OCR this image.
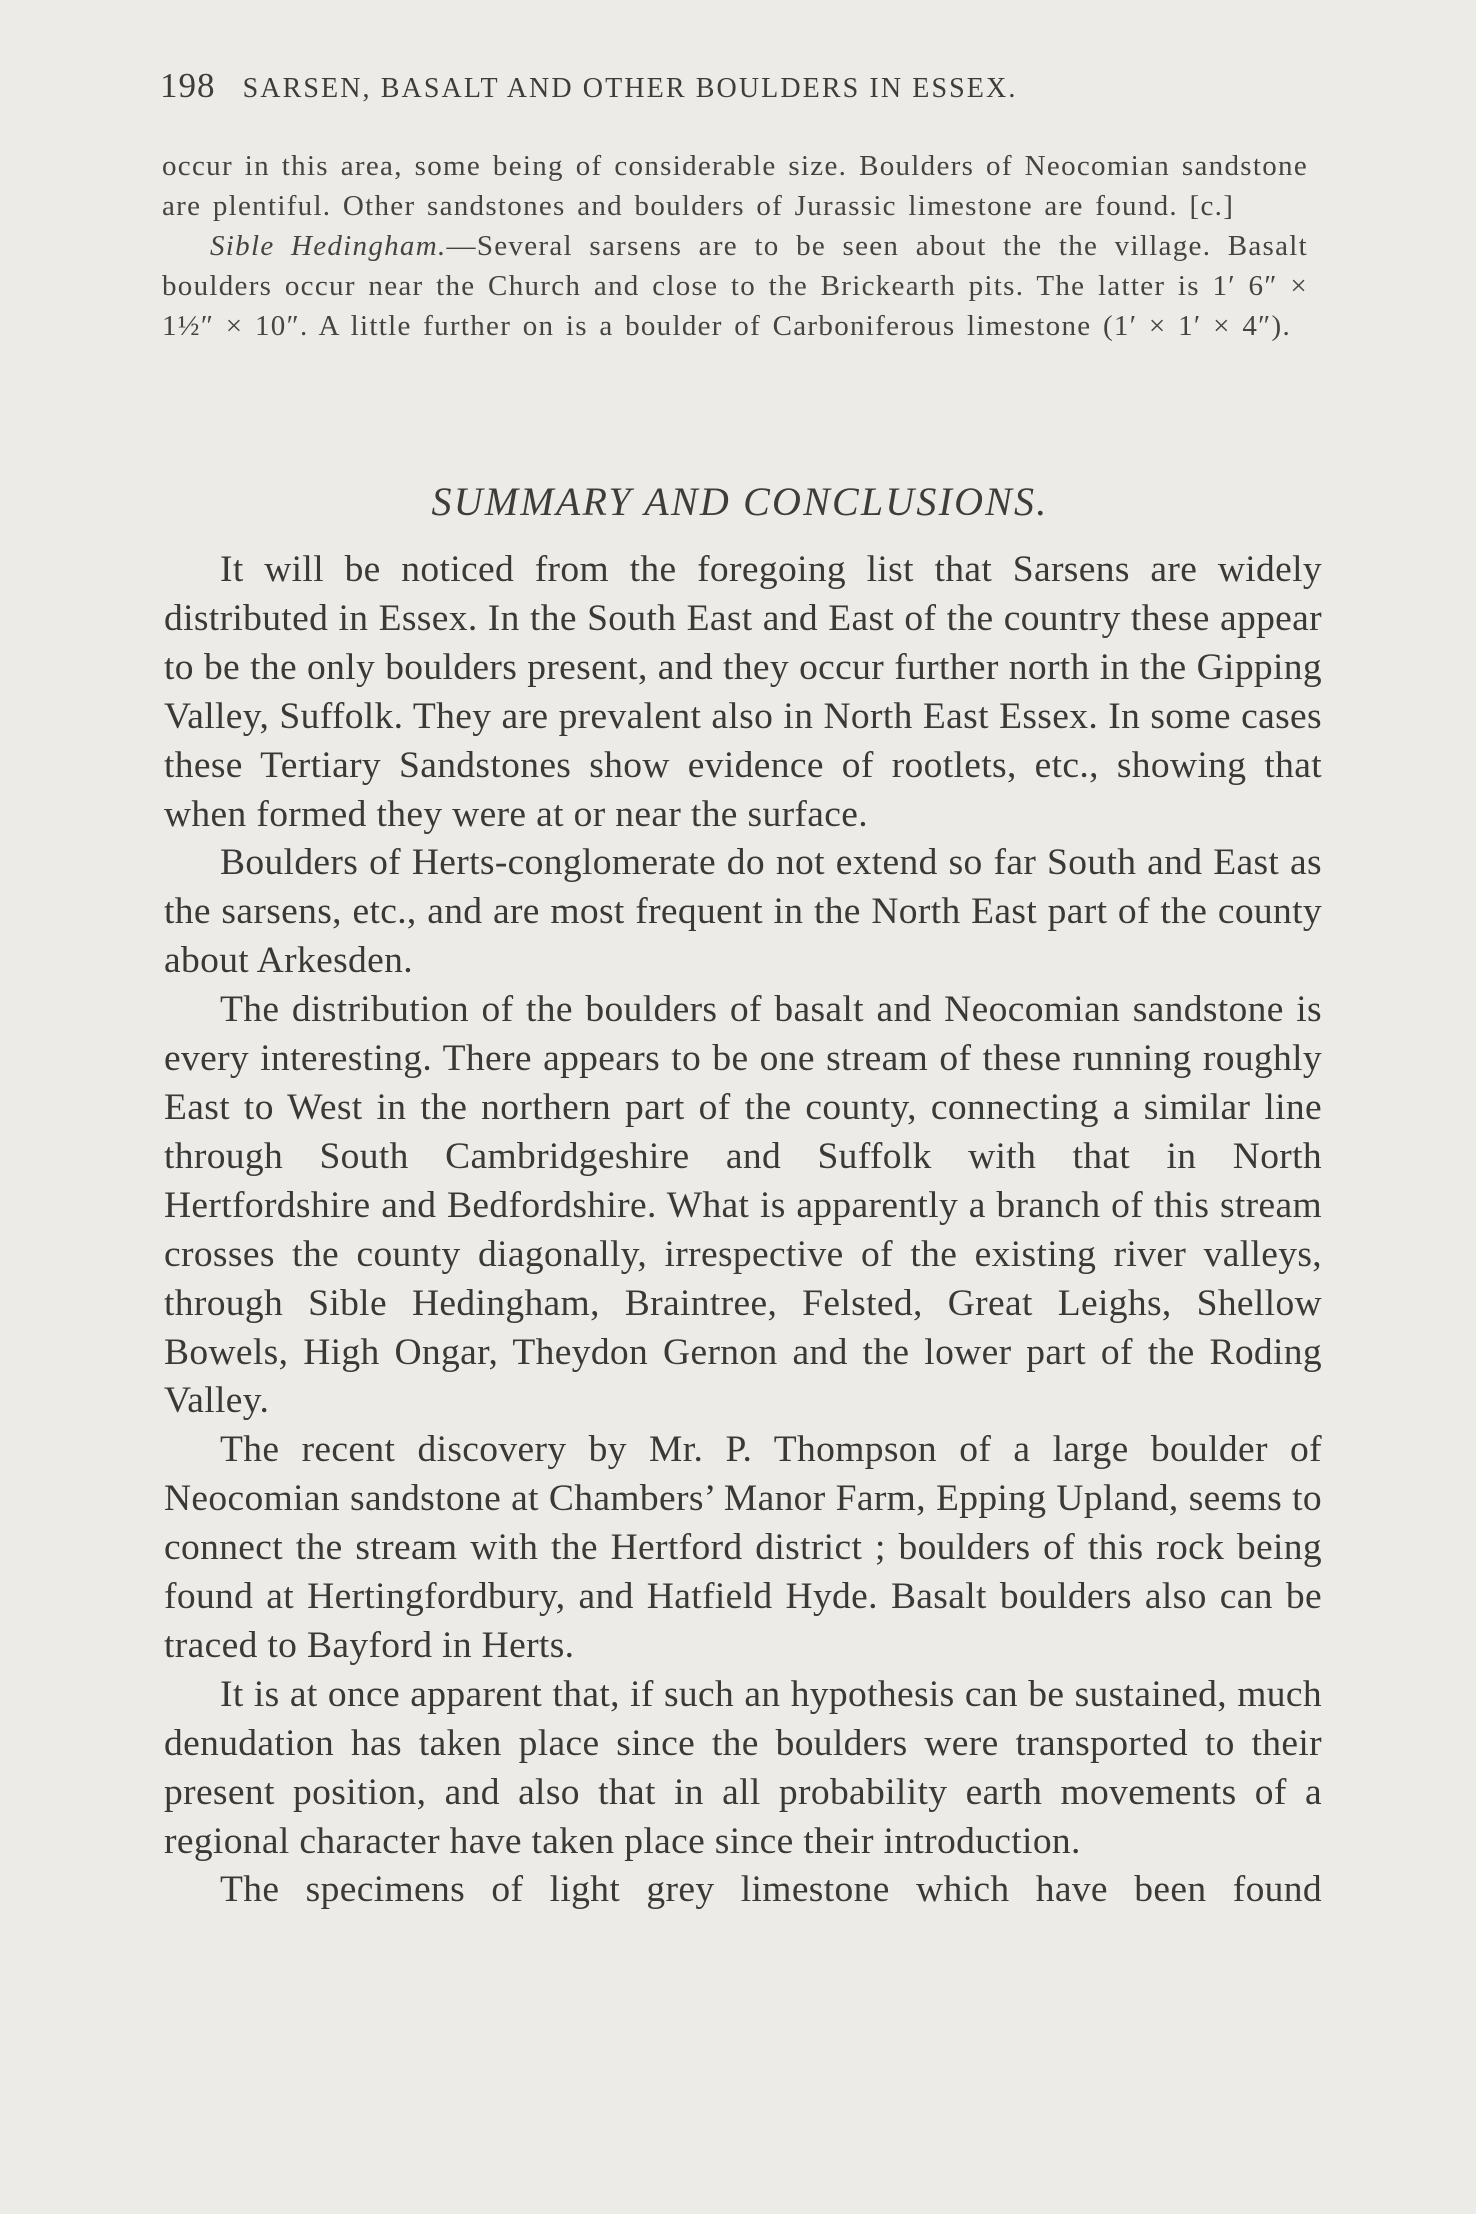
198 SARSEN, BASALT AND OTHER BOULDERS IN ESSEX.

occur in this area, some being of considerable size. Boulders of Neocomian sandstone are plentiful. Other sandstones and boulders of Jurassic limestone are found. [c.]

Sible Hedingham.—Several sarsens are to be seen about the the village. Basalt boulders occur near the Church and close to the Brickearth pits. The latter is 1′ 6″ × 1½″ × 10″. A little further on is a boulder of Carboniferous limestone (1′ × 1′ × 4″).

SUMMARY AND CONCLUSIONS.

It will be noticed from the foregoing list that Sarsens are widely distributed in Essex. In the South East and East of the country these appear to be the only boulders present, and they occur further north in the Gipping Valley, Suffolk. They are prevalent also in North East Essex. In some cases these Tertiary Sandstones show evidence of rootlets, etc., showing that when formed they were at or near the surface.

Boulders of Herts-conglomerate do not extend so far South and East as the sarsens, etc., and are most frequent in the North East part of the county about Arkesden.

The distribution of the boulders of basalt and Neocomian sandstone is every interesting. There appears to be one stream of these running roughly East to West in the northern part of the county, connecting a similar line through South Cambridgeshire and Suffolk with that in North Hertfordshire and Bedfordshire. What is apparently a branch of this stream crosses the county diagonally, irrespective of the existing river valleys, through Sible Hedingham, Braintree, Felsted, Great Leighs, Shellow Bowels, High Ongar, Theydon Gernon and the lower part of the Roding Valley.

The recent discovery by Mr. P. Thompson of a large boulder of Neocomian sandstone at Chambers’ Manor Farm, Epping Upland, seems to connect the stream with the Hertford district ; boulders of this rock being found at Hertingfordbury, and Hatfield Hyde. Basalt boulders also can be traced to Bayford in Herts.

It is at once apparent that, if such an hypothesis can be sustained, much denudation has taken place since the boulders were transported to their present position, and also that in all probability earth movements of a regional character have taken place since their introduction.

The specimens of light grey limestone which have been found
